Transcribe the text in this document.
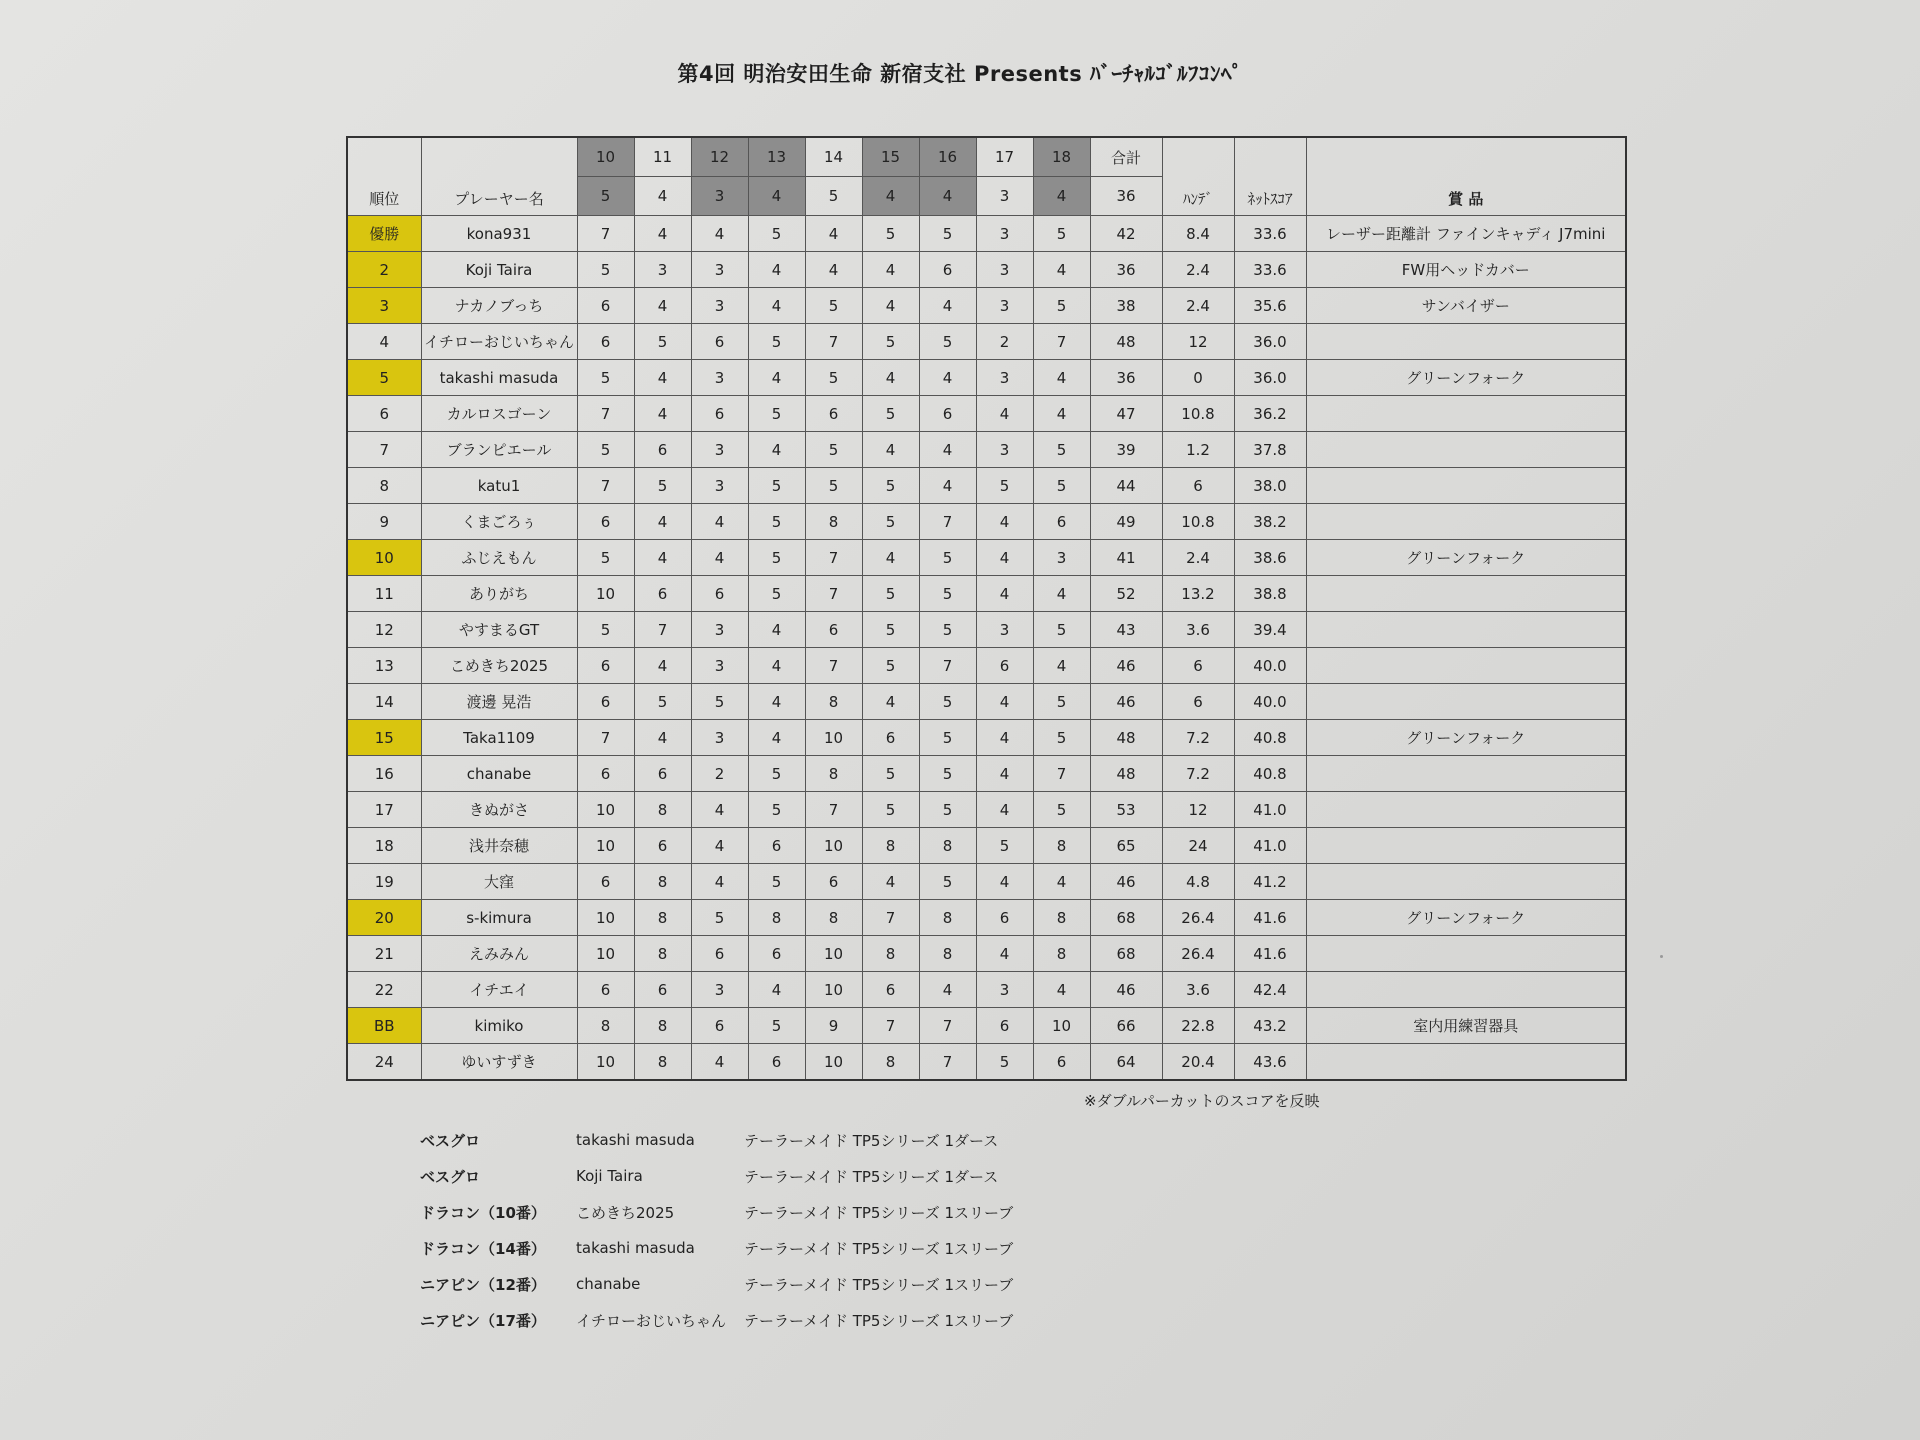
第4回 明治安田生命 新宿支社 Presents ﾊﾞｰﾁｬﾙｺﾞﾙﾌｺﾝﾍﾟ
順位	プレーヤー名	10	11	12	13	14	15	16	17	18	合計	ﾊﾝﾃﾞ	ﾈｯﾄｽｺｱ	賞 品
		5	4	3	4	5	4	4	3	4	36			
優勝	kona931	7	4	4	5	4	5	5	3	5	42	8.4	33.6	レーザー距離計 ファインキャディ J7mini
2	Koji Taira	5	3	3	4	4	4	6	3	4	36	2.4	33.6	FW用ヘッドカバー
3	ナカノブっち	6	4	3	4	5	4	4	3	5	38	2.4	35.6	サンバイザー
4	イチローおじいちゃん	6	5	6	5	7	5	5	2	7	48	12	36.0	
5	takashi masuda	5	4	3	4	5	4	4	3	4	36	0	36.0	グリーンフォーク
6	カルロスゴーン	7	4	6	5	6	5	6	4	4	47	10.8	36.2	
7	ブランピエール	5	6	3	4	5	4	4	3	5	39	1.2	37.8	
8	katu1	7	5	3	5	5	5	4	5	5	44	6	38.0	
9	くまごろぅ	6	4	4	5	8	5	7	4	6	49	10.8	38.2	
10	ふじえもん	5	4	4	5	7	4	5	4	3	41	2.4	38.6	グリーンフォーク
11	ありがち	10	6	6	5	7	5	5	4	4	52	13.2	38.8	
12	やすまるGT	5	7	3	4	6	5	5	3	5	43	3.6	39.4	
13	こめきち2025	6	4	3	4	7	5	7	6	4	46	6	40.0	
14	渡邊 晃浩	6	5	5	4	8	4	5	4	5	46	6	40.0	
15	Taka1109	7	4	3	4	10	6	5	4	5	48	7.2	40.8	グリーンフォーク
16	chanabe	6	6	2	5	8	5	5	4	7	48	7.2	40.8	
17	きぬがさ	10	8	4	5	7	5	5	4	5	53	12	41.0	
18	浅井奈穂	10	6	4	6	10	8	8	5	8	65	24	41.0	
19	大窪	6	8	4	5	6	4	5	4	4	46	4.8	41.2	
20	s-kimura	10	8	5	8	8	7	8	6	8	68	26.4	41.6	グリーンフォーク
21	えみみん	10	8	6	6	10	8	8	4	8	68	26.4	41.6	
22	イチエイ	6	6	3	4	10	6	4	3	4	46	3.6	42.4	
BB	kimiko	8	8	6	5	9	7	7	6	10	66	22.8	43.2	室内用練習器具
24	ゆいすずき	10	8	4	6	10	8	7	5	6	64	20.4	43.6	
※ダブルパーカットのスコアを反映
ベスグロ	takashi masuda	テーラーメイド TP5シリーズ 1ダース
ベスグロ	Koji Taira	テーラーメイド TP5シリーズ 1ダース
ドラコン（10番）	こめきち2025	テーラーメイド TP5シリーズ 1スリーブ
ドラコン（14番）	takashi masuda	テーラーメイド TP5シリーズ 1スリーブ
ニアピン（12番）	chanabe	テーラーメイド TP5シリーズ 1スリーブ
ニアピン（17番）	イチローおじいちゃん	テーラーメイド TP5シリーズ 1スリーブ
